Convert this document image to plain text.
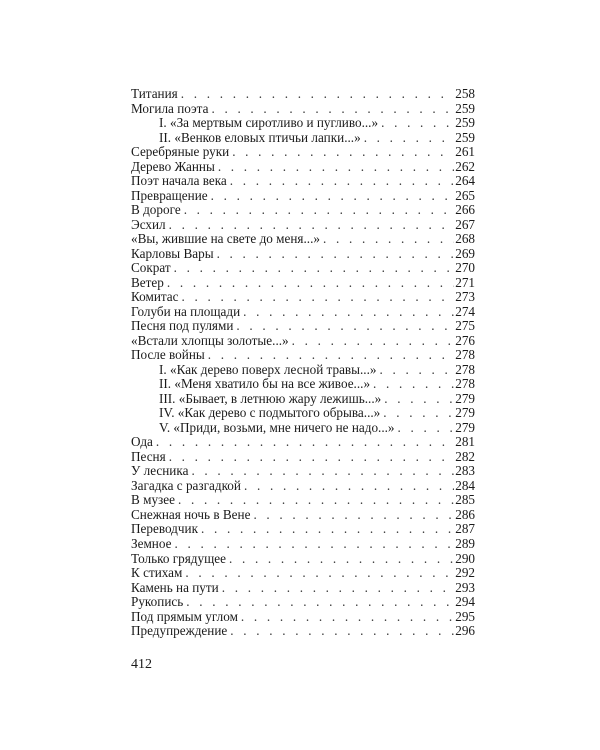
Титания . . .	258
Могила поэта . . .	259
I. «За мертвым сиротливо и пугливо...» . . .	259
II. «Венков еловых птичьи лапки...» . . .	259
Серебряные руки . . .	261
Дерево Жанны . . .	262
Поэт начала века . . .	264
Превращение . . .	265
В дороге . . .	266
Эсхил . . .	267
«Вы, жившие на свете до меня...» . . .	268
Карловы Вары . . .	269
Сократ . . .	270
Ветер . . .	271
Комитас . . .	273
Голуби на площади . . .	274
Песня под пулями . . .	275
«Встали хлопцы золотые...» . . .	276
После войны . . .	278
I. «Как дерево поверх лесной травы...» . . .	278
II. «Меня хватило бы на все живое...» . . .	278
III. «Бывает, в летнюю жару лежишь...» . . .	279
IV. «Как дерево с подмытого обрыва...» . . .	279
V. «Приди, возьми, мне ничего не надо...» . . .	279
Ода . . .	281
Песня . . .	282
У лесника . . .	283
Загадка с разгадкой . . .	284
В музее . . .	285
Снежная ночь в Вене . . .	286
Переводчик . . .	287
Земное . . .	289
Только грядущее . . .	290
К стихам . . .	292
Камень на пути . . .	293
Рукопись . . .	294
Под прямым углом . . .	295
Предупреждение . . .	296
412
